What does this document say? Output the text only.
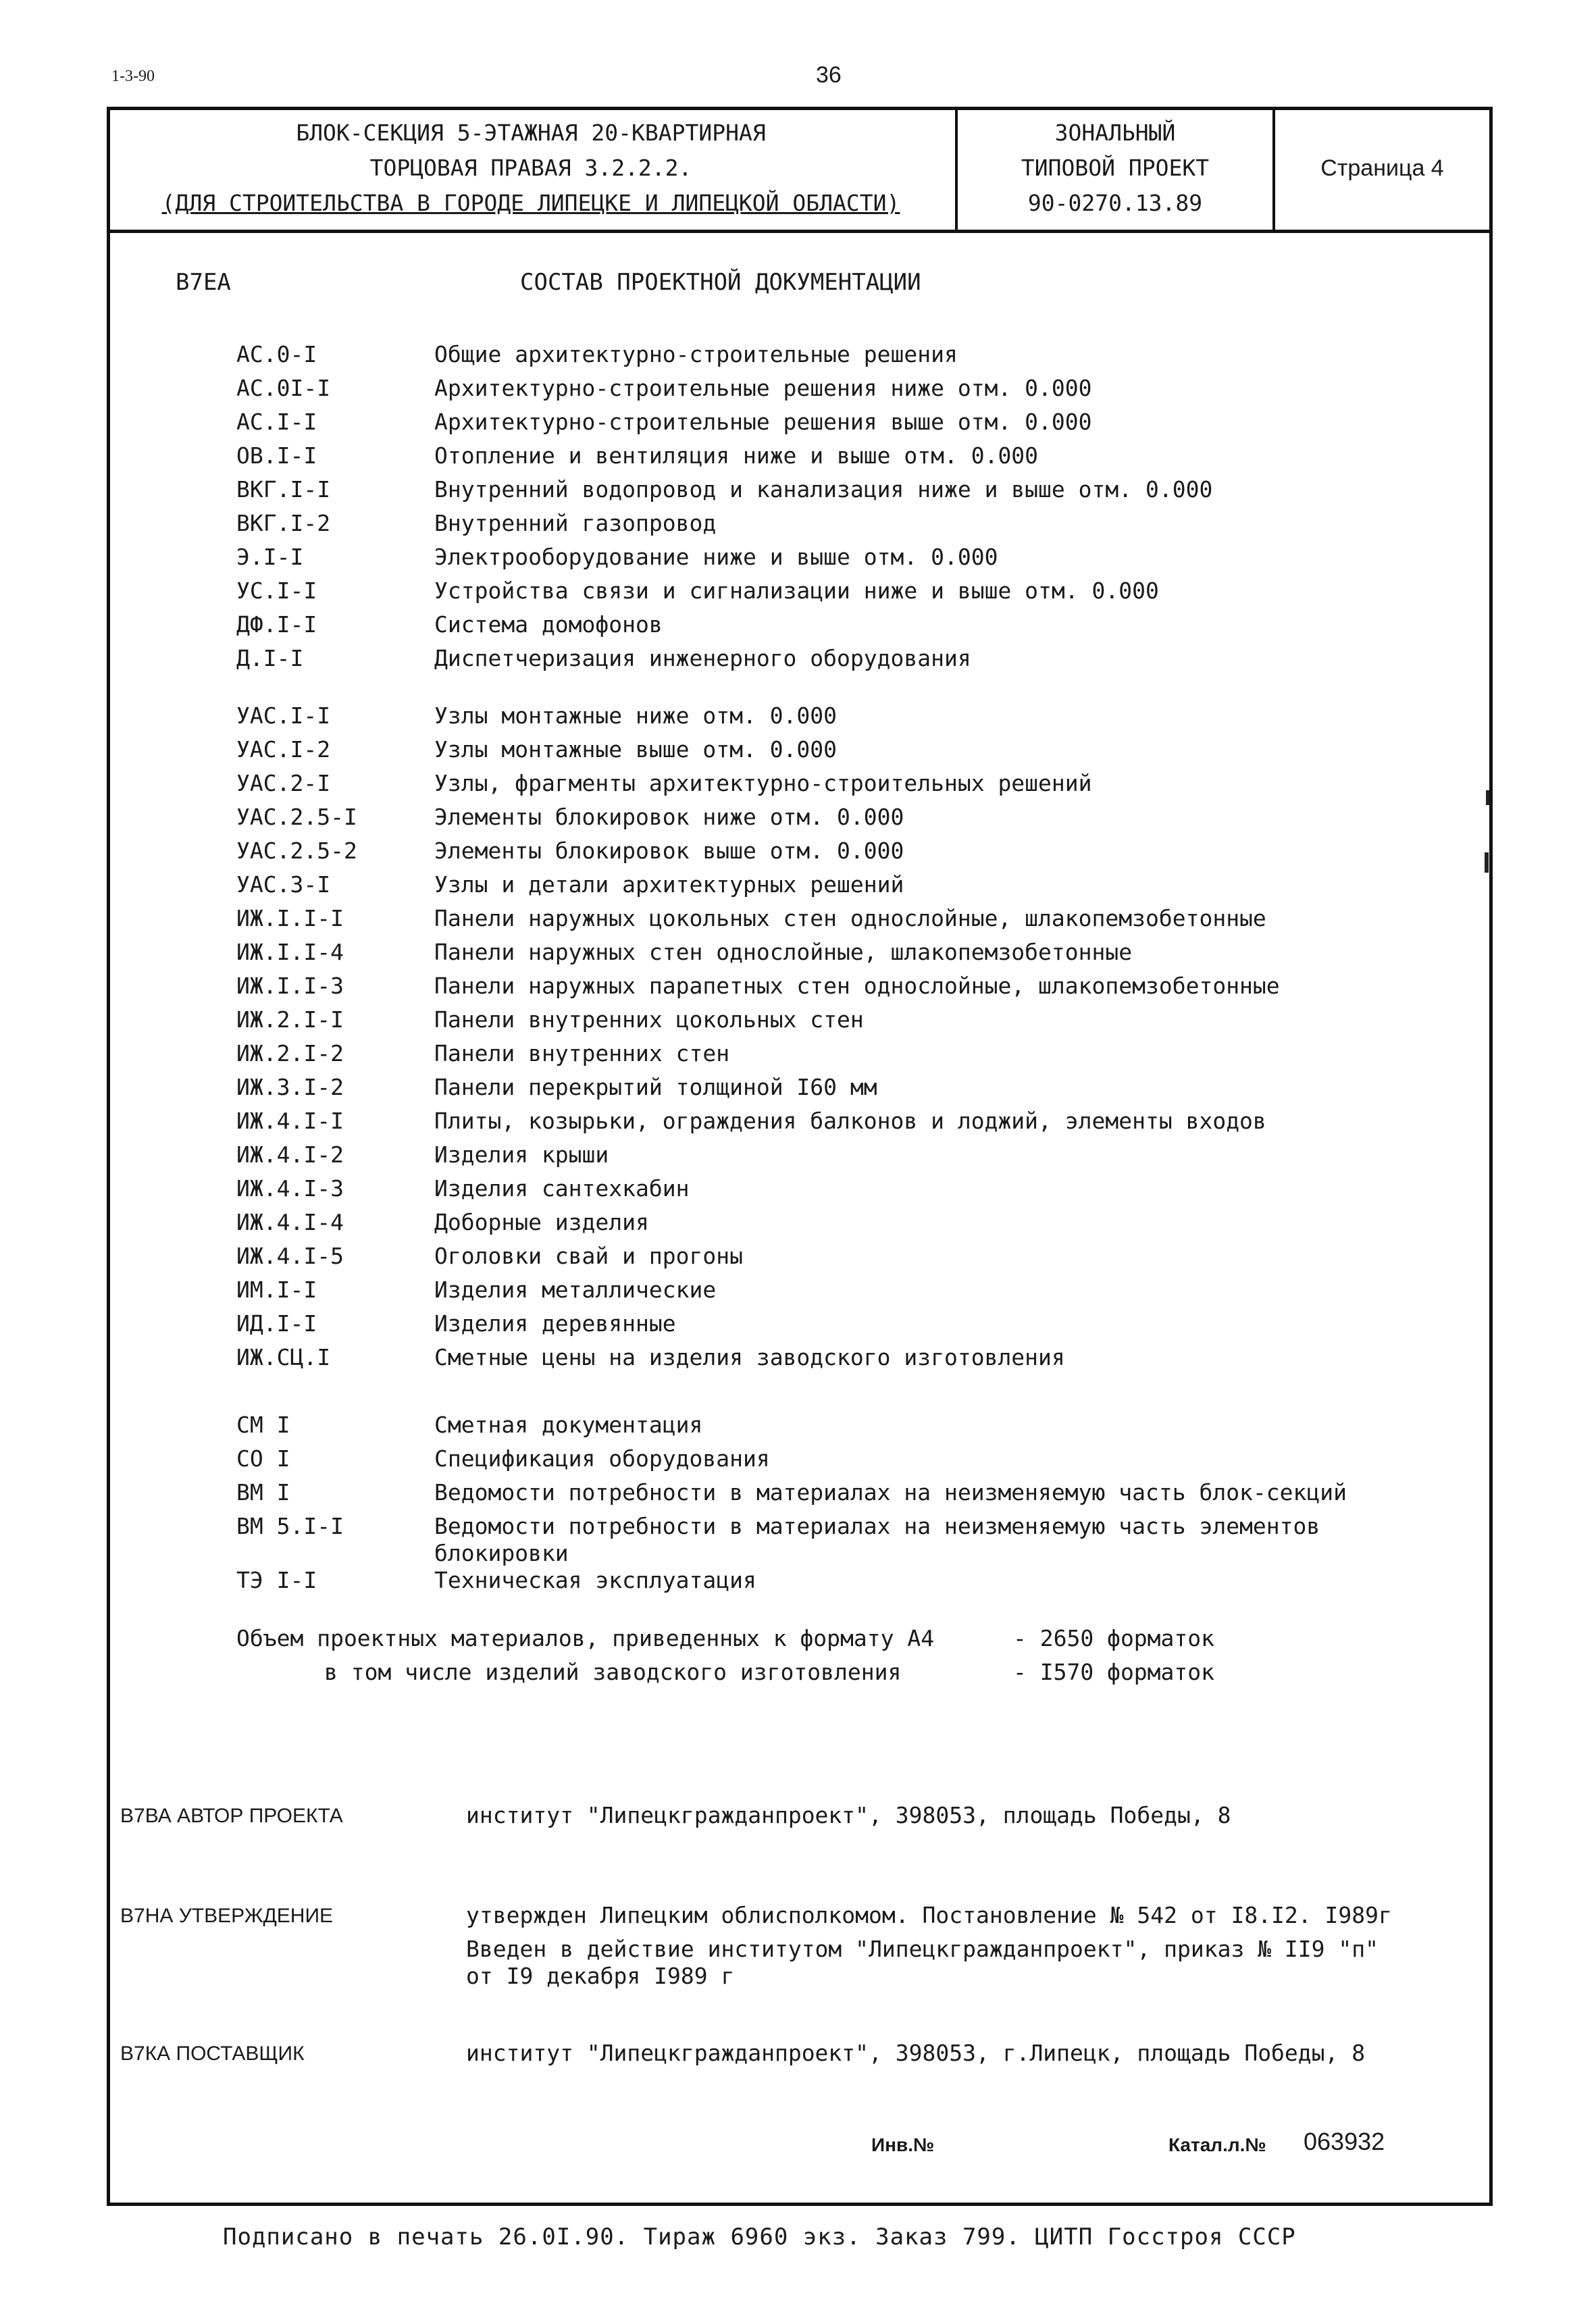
1-3-90	36
БЛОК-СЕКЦИЯ 5-ЭТАЖНАЯ 20-КВАРТИРНАЯ
ТОРЦОВАЯ ПРАВАЯ 3.2.2.2.
(ДЛЯ СТРОИТЕЛЬСТВА В ГОРОДЕ ЛИПЕЦКЕ И ЛИПЕЦКОЙ ОБЛАСТИ)
ЗОНАЛЬНЫЙ
ТИПОВОЙ ПРОЕКТ
90-0270.13.89
Страница 4
В7ЕА	СОСТАВ ПРОЕКТНОЙ ДОКУМЕНТАЦИИ
АС.0-I	Общие архитектурно-строительные решения
АС.0I-I	Архитектурно-строительные решения ниже отм. 0.000
АС.I-I	Архитектурно-строительные решения выше отм. 0.000
ОВ.I-I	Отопление и вентиляция ниже и выше отм. 0.000
ВКГ.I-I	Внутренний водопровод и канализация ниже и выше отм. 0.000
ВКГ.I-2	Внутренний газопровод
Э.I-I	Электрооборудование ниже и выше отм. 0.000
УС.I-I	Устройства связи и сигнализации ниже и выше отм. 0.000
ДФ.I-I	Система домофонов
Д.I-I	Диспетчеризация инженерного оборудования
УАС.I-I	Узлы монтажные ниже отм. 0.000
УАС.I-2	Узлы монтажные выше отм. 0.000
УАС.2-I	Узлы, фрагменты архитектурно-строительных решений
УАС.2.5-I	Элементы блокировок ниже отм. 0.000
УАС.2.5-2	Элементы блокировок выше отм. 0.000
УАС.3-I	Узлы и детали архитектурных решений
ИЖ.I.I-I	Панели наружных цокольных стен однослойные, шлакопемзобетонные
ИЖ.I.I-4	Панели наружных стен однослойные, шлакопемзобетонные
ИЖ.I.I-3	Панели наружных парапетных стен однослойные, шлакопемзобетонные
ИЖ.2.I-I	Панели внутренних цокольных стен
ИЖ.2.I-2	Панели внутренних стен
ИЖ.3.I-2	Панели перекрытий толщиной I60 мм
ИЖ.4.I-I	Плиты, козырьки, ограждения балконов и лоджий, элементы входов
ИЖ.4.I-2	Изделия крыши
ИЖ.4.I-3	Изделия сантехкабин
ИЖ.4.I-4	Доборные изделия
ИЖ.4.I-5	Оголовки свай и прогоны
ИМ.I-I	Изделия металлические
ИД.I-I	Изделия деревянные
ИЖ.СЦ.I	Сметные цены на изделия заводского изготовления
СМ I	Сметная документация
СО I	Спецификация оборудования
ВМ I	Ведомости потребности в материалах на неизменяемую часть блок-секций
ВМ 5.I-I	Ведомости потребности в материалах на неизменяемую часть элементов
блокировки
ТЭ I-I	Техническая эксплуатация
Объем проектных материалов, приведенных к формату А4	- 2650 форматок
в том числе изделий заводского изготовления	- I570 форматок
В7ВА АВТОР ПРОЕКТА	институт "Липецкгражданпроект", 398053, площадь Победы, 8
В7НА УТВЕРЖДЕНИЕ	утвержден Липецким облисполкомом. Постановление № 542 от I8.I2. I989г
Введен в действие институтом "Липецкгражданпроект", приказ № II9 "п"
от I9 декабря I989 г
В7КА ПОСТАВЩИК	институт "Липецкгражданпроект", 398053, г.Липецк, площадь Победы, 8
Инв.№	Катал.л.№ 063932
Подписано в печать 26.0I.90. Тираж 6960 экз. Заказ 799. ЦИТП Госстроя СССР
